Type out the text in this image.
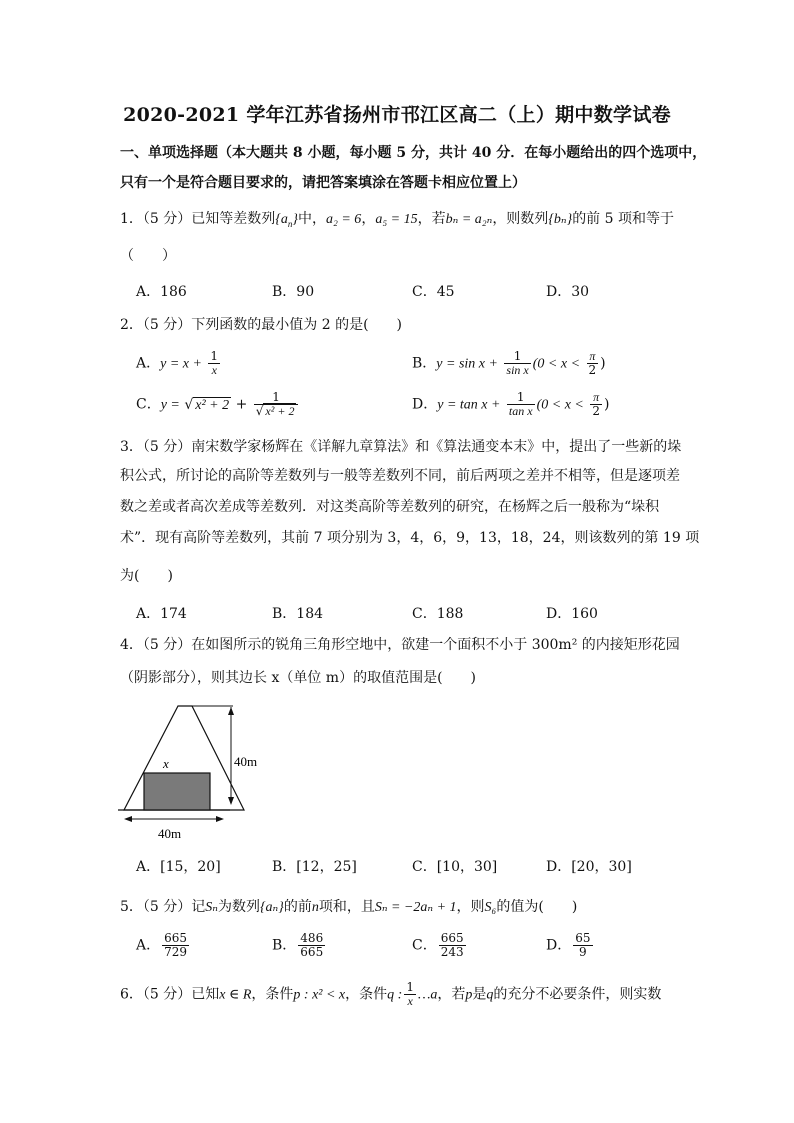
2020-2021 学年江苏省扬州市邗江区高二（上）期中数学试卷
一、单项选择题（本大题共 8 小题，每小题 5 分，共计 40 分．在每小题给出的四个选项中，
只有一个是符合题目要求的，请把答案填涂在答题卡相应位置上）
1．（5 分）已知等差数列$\{a_n\}$中，a₂ = 6，a₅ = 15，若bₙ = a₂ₙ，则数列{bₙ}的前 5 项和等于
（　　）
A．186	B．90	C．45	D．30
2．（5 分）下列函数的最小值为 2 的是(　　)
A．$y = x + \frac{1}{x}$	B．$y = \sin x + \frac{1}{\text{sin x}} (0 < x < \frac{\pi}{2}$ )
C．y = √ $x^2 + 2 + \frac{1}{\text{√ x² + 2}}$	D．$y = \tan x + \frac{1}{\text{tan x}} (0 < x < \frac{\pi}{2}$ )
3．（5 分）南宋数学家杨辉在《详解九章算法》和《算法通变本末》中，提出了一些新的垛
积公式，所讨论的高阶等差数列与一般等差数列不同，前后两项之差并不相等，但是逐项差
数之差或者高次差成等差数列．对这类高阶等差数列的研究，在杨辉之后一般称为“垛积
术”．现有高阶等差数列，其前 7 项分别为 3，4，6，9，13，18，24，则该数列的第 19 项
为(　　)
A．174	B．184	C．188	D．160
4．（5 分）在如图所示的锐角三角形空地中，欲建一个面积不小于 300m² 的内接矩形花园
（阴影部分），则其边长 x（单位 m）的取值范围是(　　)
x	40m
40m
A．[15，20]	B．[12，25]	C．[10，30]	D．[20，30]
5．（5 分）记Sₙ为数列{aₙ}的前n项和，且Sₙ = −2aₙ + 1，则S₆的值为(　　)
A． $\frac{665}{729}$	B． $\frac{486}{665}$	C． $\frac{665}{243}$	D． $\frac{65}{9}$
6．（5 分）已知x ∈ R，条件p : x² < x，条件q : $\frac{1}{x}$ …a，若p是q的充分不必要条件，则实数
